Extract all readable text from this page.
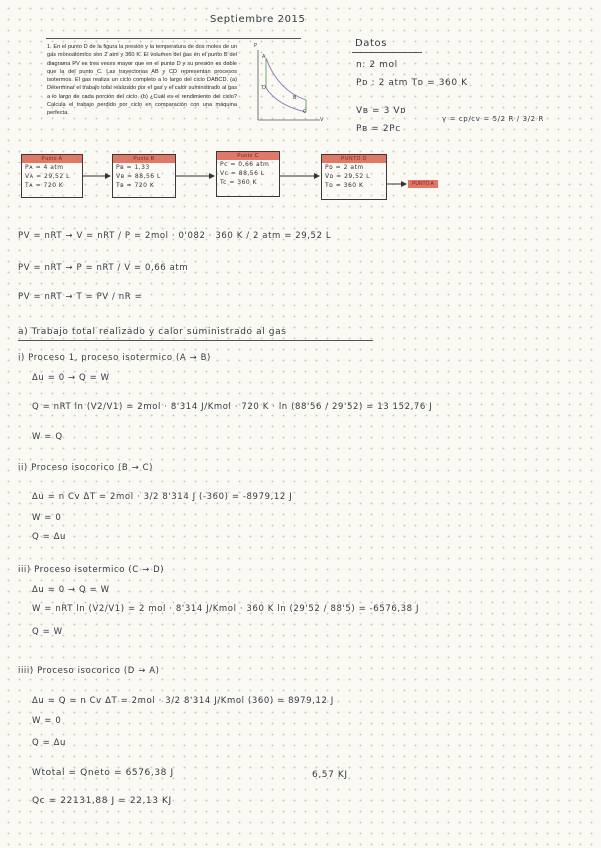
Septiembre 2015

1. En el punto D de la figura la presión y la temperatura de dos moles de un gas monoatómico son 2 atm y 360 K. El volumen del gas en el punto B del diagrama PV es tres veces mayor que en el punto D y su presión es doble que la del punto C. Las trayectorias AB y CD representan procesos isotermos. El gas realiza un ciclo completo a lo largo del ciclo DABCD. (a) Determinar el trabajo total realizado por el gas y el calor suministrado al gas a lo largo de cada porción del ciclo. (b) ¿Cuál es el rendimiento del ciclo? Calcula el trabajo perdido por ciclo en comparación con una máquina perfecta.

P
V
A
B
C
D
Datos
n: 2 mol
Pᴅ : 2 atm Tᴅ = 360 K
Vʙ = 3 Vᴅ
γ = cp/cv = 5/2 R / 3/2 R
Pʙ = 2Pc
Punto A
Pᴀ = 4 atm
Vᴀ = 29,52 L
Tᴀ = 720 K
Punto B
Pʙ = 1,33
Vʙ = 88,56 L
Tʙ = 720 K
Punto C
Pc = 0,66 atm
Vc = 88,56 L
Tc = 360 K
PUNTO D
Pᴅ = 2 atm
Vᴅ = 29,52 L
Tᴅ = 360 K	PUNTO A
PV = nRT → V = nRT / P = 2mol · 0'082 · 360 K / 2 atm = 29,52 L
PV = nRT → P = nRT / V = 0,66 atm
PV = nRT → T = PV / nR =
a) Trabajo total realizado y calor suministrado al gas
i) Proceso 1, proceso isotermico (A → B)
Δu = 0 → Q = W
Q = nRT ln (V2/V1) = 2mol · 8'314 J/Kmol · 720 K · ln (88'56 / 29'52) = 13 152,76 J
W = Q
ii) Proceso isocorico (B → C)
Δu = n Cv ΔT = 2mol · 3/2 8'314 J (-360) = -8979,12 J
W = 0
Q = Δu
iii) Proceso isotermico (C → D)
Δu = 0 → Q = W
W = nRT ln (V2/V1) = 2 mol · 8'314 J/Kmol · 360 K ln (29'52 / 88'5) = -6576,38 J
Q = W
iiii) Proceso isocorico (D → A)
Δu = Q = n Cv ΔT = 2mol · 3/2 8'314 J/Kmol (360) = 8979,12 J
W = 0
Q = Δu
Wtotal = Qneto = 6576,38 J	6,57 KJ
Qc = 22131,88 J = 22,13 KJ
